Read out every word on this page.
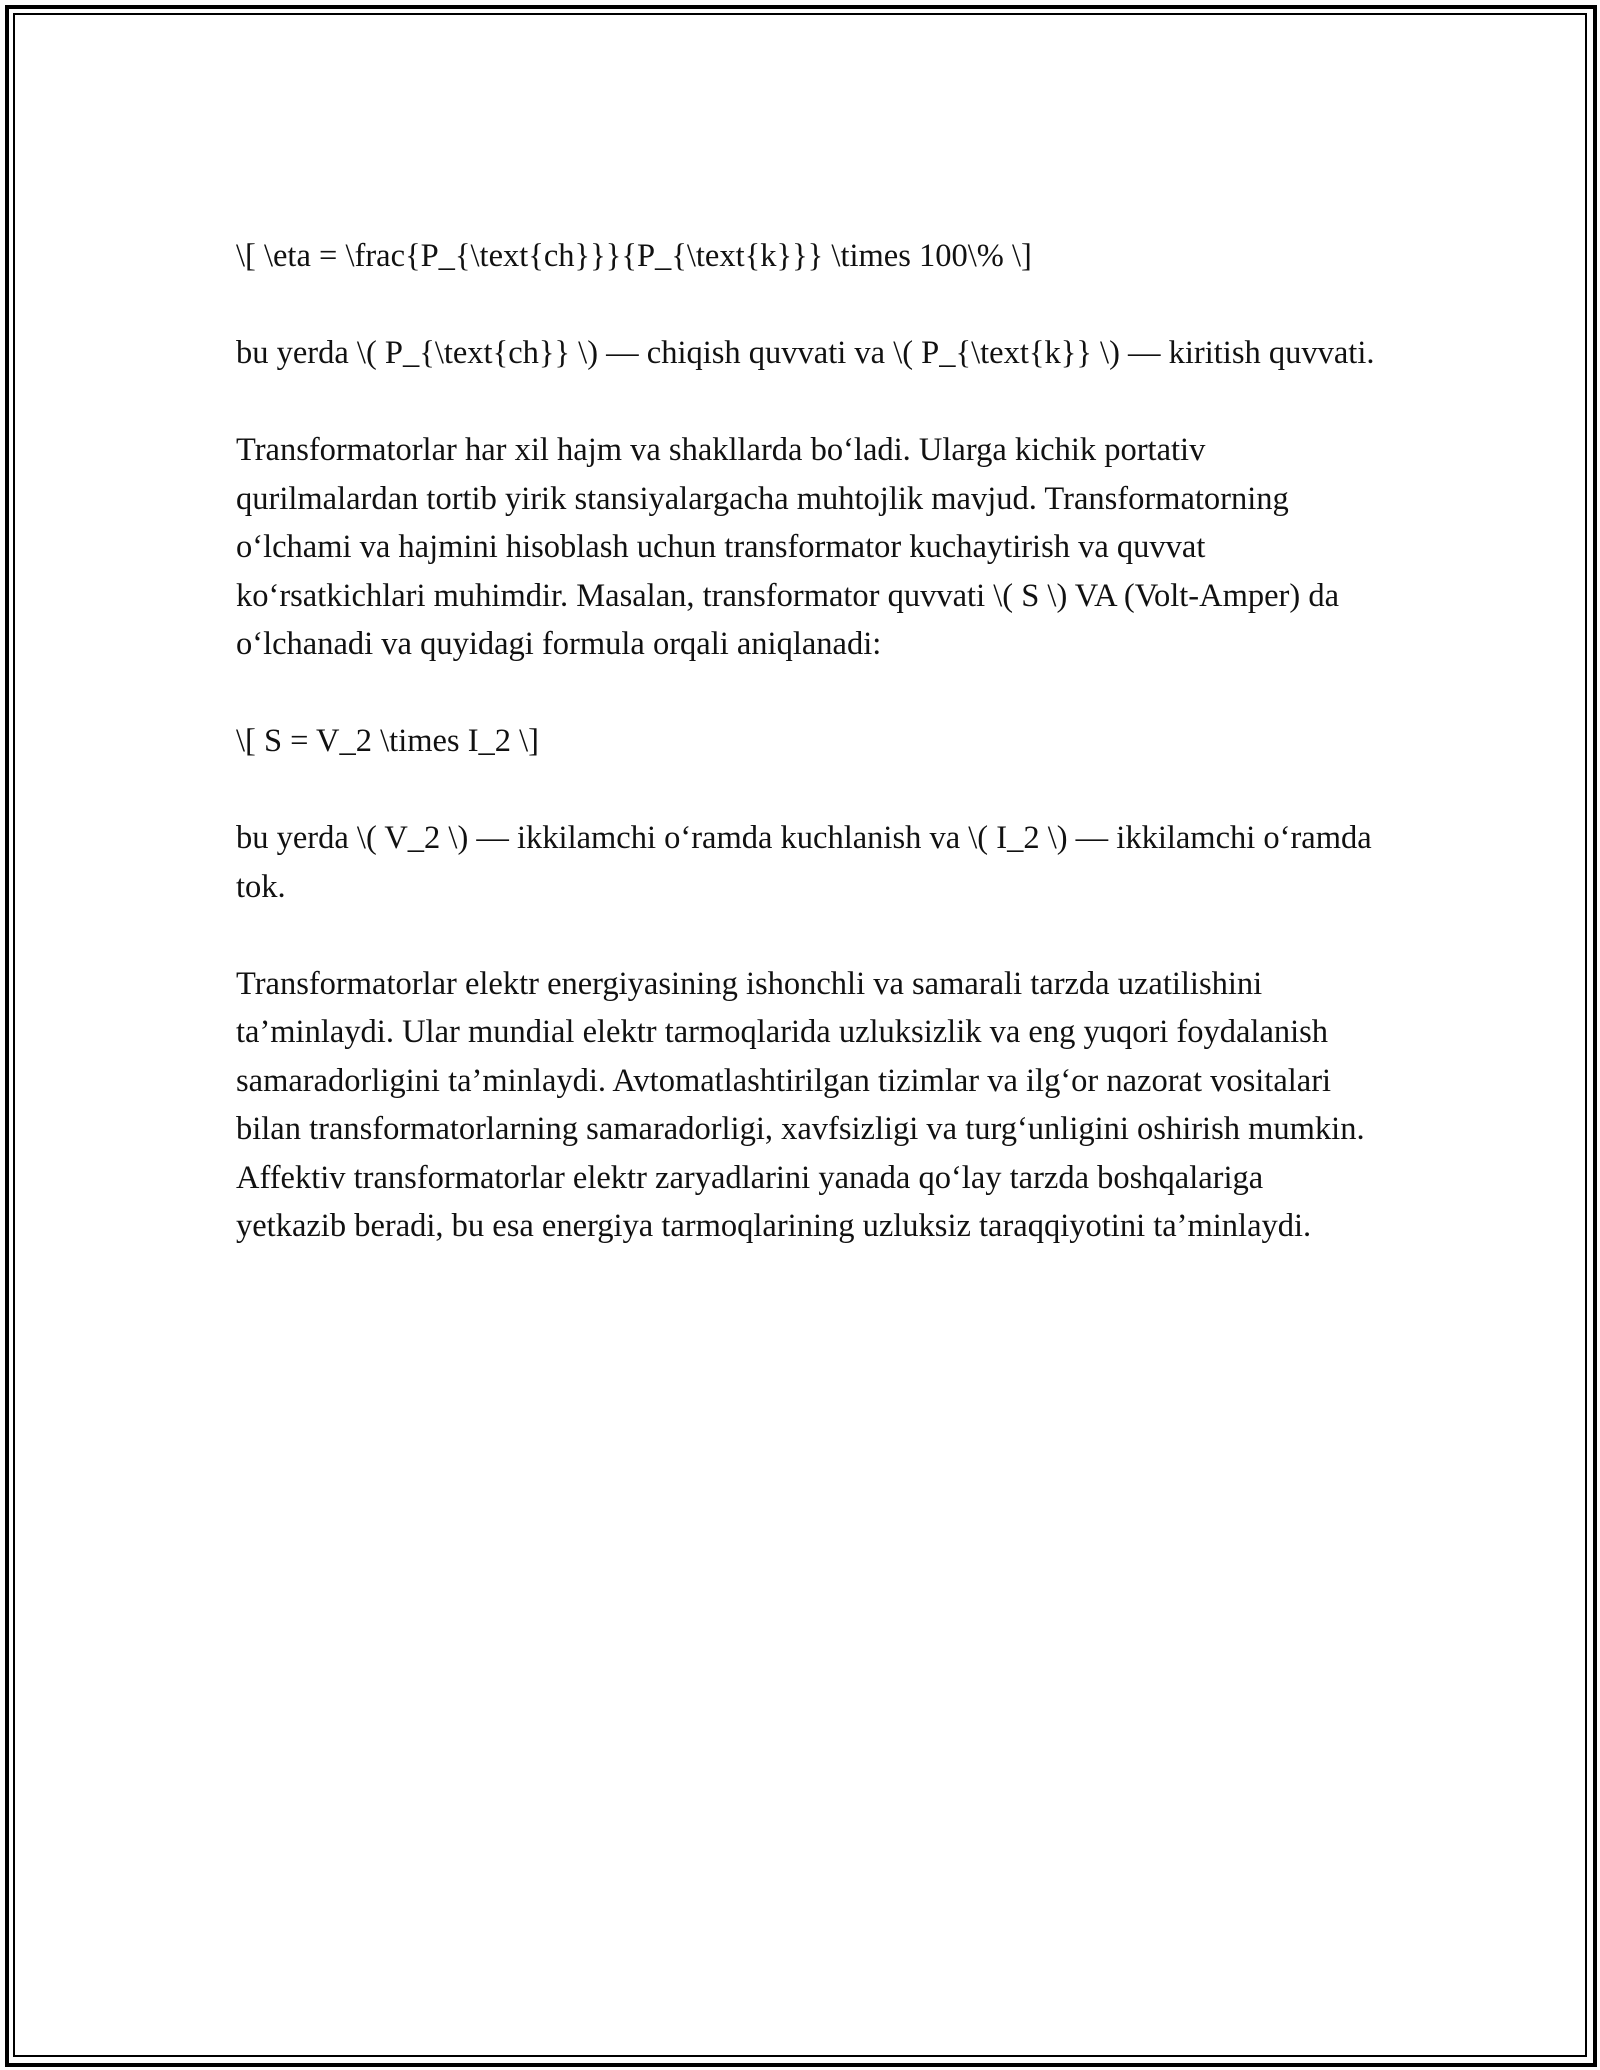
\[ \eta = \frac{P_{\text{ch}}}{P_{\text{k}}} \times 100\% \]

bu yerda \( P_{\text{ch}} \) — chiqish quvvati va \( P_{\text{k}} \) — kiritish quvvati.

Transformatorlar har xil hajm va shakllarda bo‘ladi. Ularga kichik portativ qurilmalardan tortib yirik stansiyalargacha muhtojlik mavjud. Transformatorning o‘lchami va hajmini hisoblash uchun transformator kuchaytirish va quvvat ko‘rsatkichlari muhimdir. Masalan, transformator quvvati \( S \) VA (Volt-Amper) da o‘lchanadi va quyidagi formula orqali aniqlanadi:

\[ S = V_2 \times I_2 \]

bu yerda \( V_2 \) — ikkilamchi o‘ramda kuchlanish va \( I_2 \) — ikkilamchi o‘ramda tok.

Transformatorlar elektr energiyasining ishonchli va samarali tarzda uzatilishini ta’minlaydi. Ular mundial elektr tarmoqlarida uzluksizlik va eng yuqori foydalanish samaradorligini ta’minlaydi. Avtomatlashtirilgan tizimlar va ilg‘or nazorat vositalari bilan transformatorlarning samaradorligi, xavfsizligi va turg‘unligini oshirish mumkin. Affektiv transformatorlar elektr zaryadlarini yanada qo‘lay tarzda boshqalariga yetkazib beradi, bu esa energiya tarmoqlarining uzluksiz taraqqiyotini ta’minlaydi.
